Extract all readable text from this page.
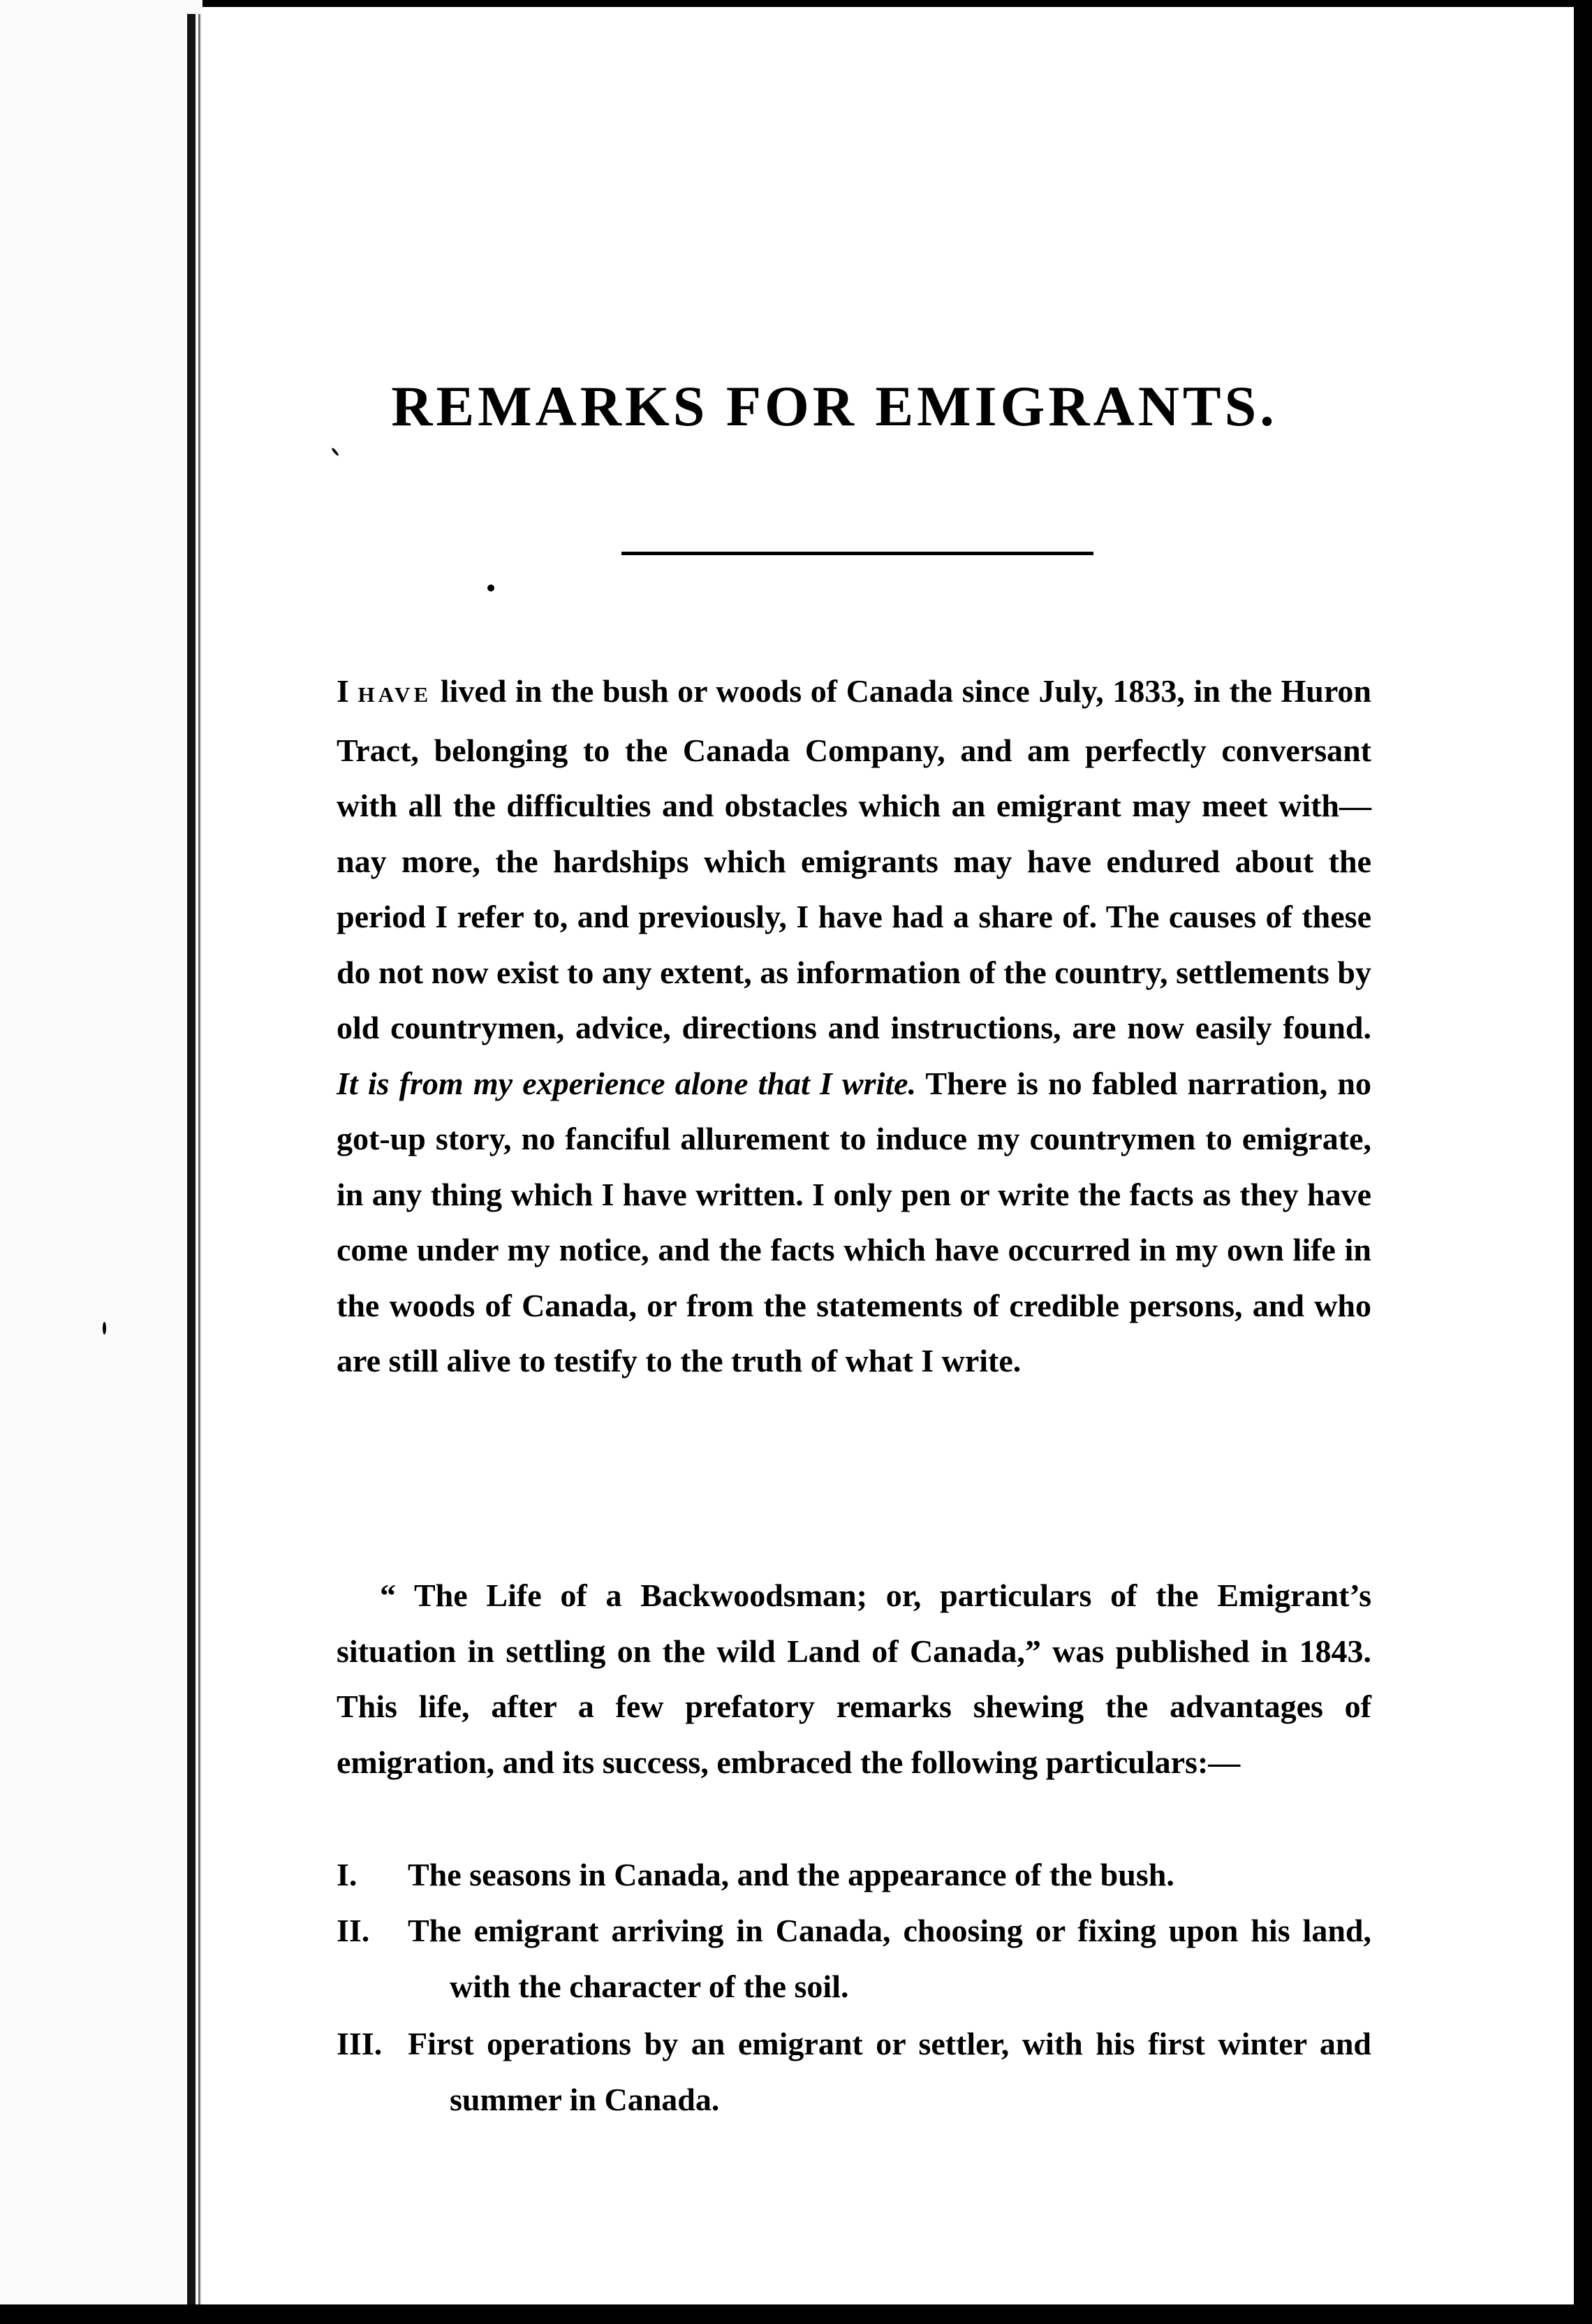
REMARKS FOR EMIGRANTS.

I HAVE lived in the bush or woods of Canada since July, 1833, in the Huron Tract, belonging to the Canada Company, and am perfectly conversant with all the difficulties and obstacles which an emigrant may meet with—nay more, the hardships which emigrants may have endured about the period I refer to, and previously, I have had a share of. The causes of these do not now exist to any extent, as information of the country, settlements by old countrymen, advice, directions and instructions, are now easily found. It is from my experience alone that I write. There is no fabled narration, no got-up story, no fanciful allurement to induce my countrymen to emigrate, in any thing which I have written. I only pen or write the facts as they have come under my notice, and the facts which have occurred in my own life in the woods of Canada, or from the statements of credible persons, and who are still alive to testify to the truth of what I write.

“ The Life of a Backwoodsman; or, particulars of the Emigrant’s situation in settling on the wild Land of Canada,” was published in 1843. This life, after a few prefatory remarks shewing the advantages of emigration, and its success, embraced the following particulars:—

I. The seasons in Canada, and the appearance of the bush.
II. The emigrant arriving in Canada, choosing or fixing upon his land, with the character of the soil.
III. First operations by an emigrant or settler, with his first winter and summer in Canada.
